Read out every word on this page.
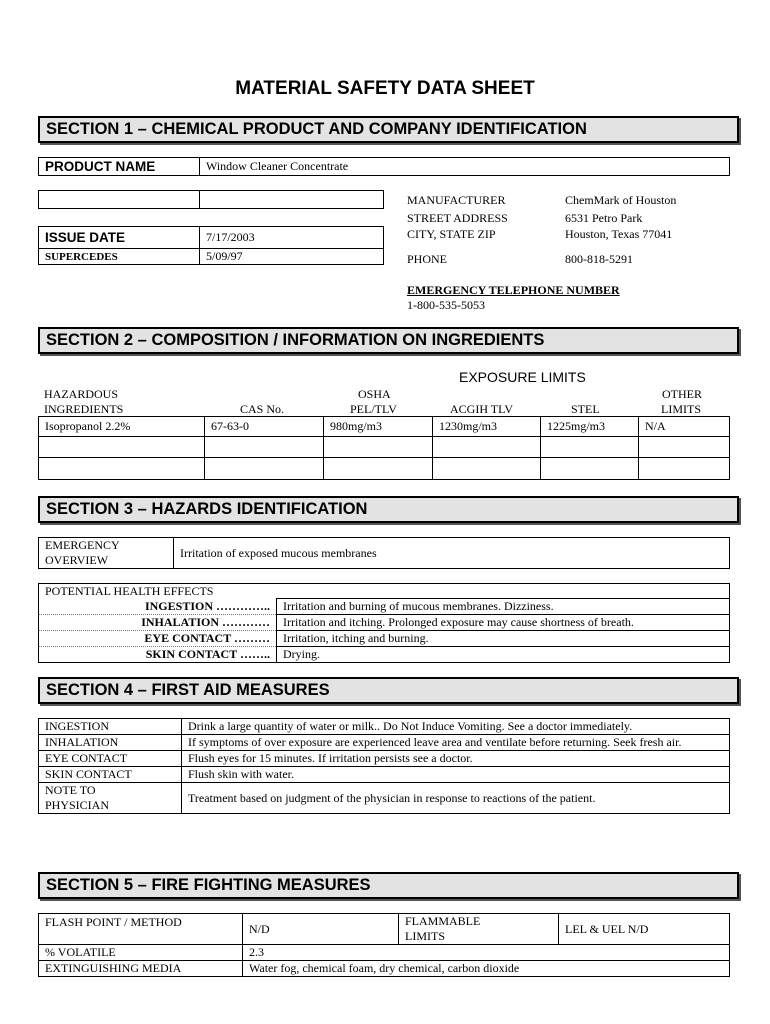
MATERIAL SAFETY DATA SHEET
SECTION 1 – CHEMICAL PRODUCT AND COMPANY IDENTIFICATION
PRODUCT NAME	Window Cleaner Concentrate

ISSUE DATE	7/17/2003
SUPERCEDES	5/09/97
MANUFACTURER	ChemMark of Houston
STREET ADDRESS	6531 Petro Park
CITY, STATE ZIP	Houston, Texas 77041
PHONE	800-818-5291
EMERGENCY TELEPHONE NUMBER
1-800-535-5053
SECTION 2 – COMPOSITION / INFORMATION ON INGREDIENTS
EXPOSURE LIMITS
HAZARDOUS
INGREDIENTS	CAS No.
OSHA
PEL/TLV	ACGIH TLV	STEL
OTHER
LIMITS
Isopropanol 2.2%	67-63-0	980mg/m3	1230mg/m3	1225mg/m3	N/A

SECTION 3 – HAZARDS IDENTIFICATION
EMERGENCY
OVERVIEW
	Irritation of exposed mucous membranes
POTENTIAL HEALTH EFFECTS	
INGESTION …………..	Irritation and burning of mucous membranes. Dizziness.
INHALATION …………	Irritation and itching. Prolonged exposure may cause shortness of breath.
EYE CONTACT ………	Irritation, itching and burning.
SKIN CONTACT ……..	Drying.
SECTION 4 – FIRST AID MEASURES
INGESTION	Drink a large quantity of water or milk.. Do Not Induce Vomiting. See a doctor immediately.
INHALATION	If symptoms of over exposure are experienced leave area and ventilate before returning. Seek fresh air.
EYE CONTACT	Flush eyes for 15 minutes. If irritation persists see a doctor.
SKIN CONTACT	Flush skin with water.

NOTE TO
PHYSICIAN	Treatment based on judgment of the physician in response to reactions of the patient.
SECTION 5 – FIRE FIGHTING MEASURES
FLASH POINT / METHOD	N/D	FLAMMABLE
LIMITS	LEL & UEL N/D
% VOLATILE	2.3		
EXTINGUISHING MEDIA	Water fog, chemical foam, dry chemical, carbon dioxide		
